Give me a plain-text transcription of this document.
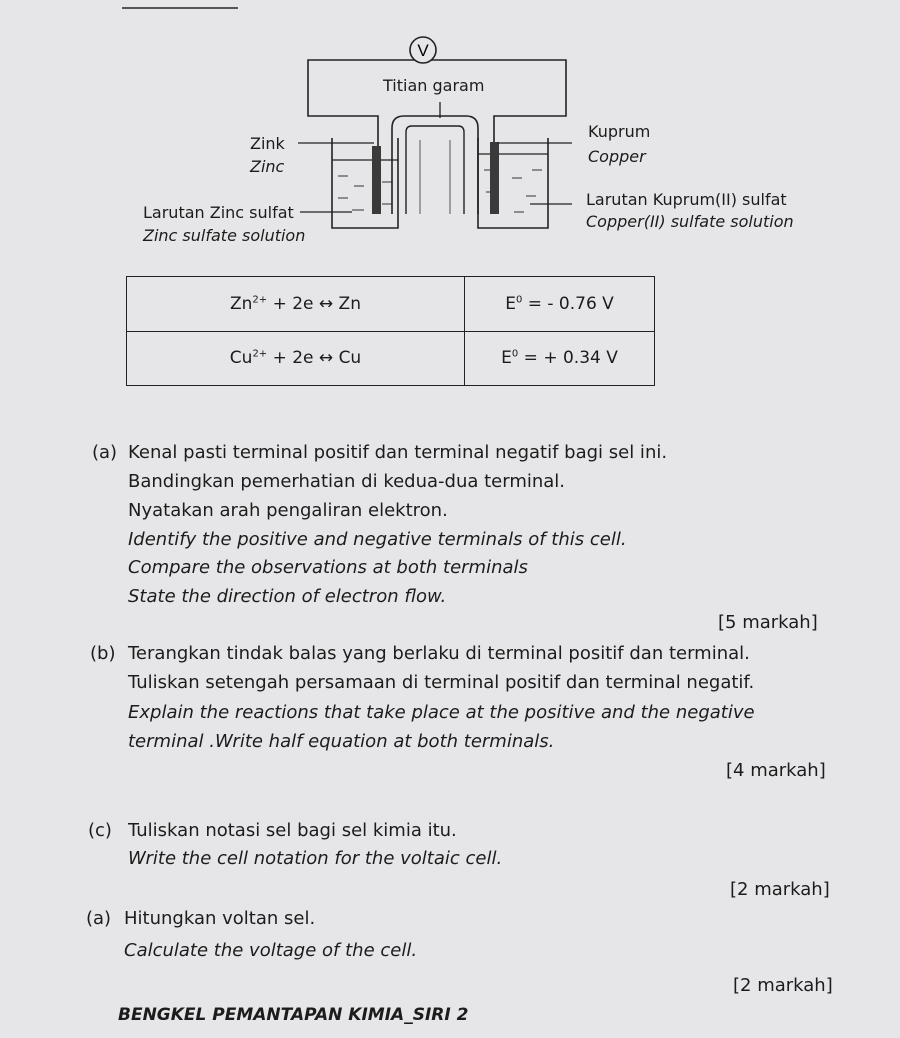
V
Titian garam
Zink
Zinc
Kuprum
Copper
Larutan Zinc sulfat
Zinc sulfate solution
Larutan Kuprum(II) sulfat
Copper(II) sulfate solution
$Zn^{2+} + 2e$ ↔ Zn	$E^0$ = - 0.76 V
$Cu^{2+} + 2e$ ↔ Cu	$E^0$ = + 0.34 V
(a) Kenal pasti terminal positif dan terminal negatif bagi sel ini.
Bandingkan pemerhatian di kedua-dua terminal.
Nyatakan arah pengaliran elektron.
Identify the positive and negative terminals of this cell.
Compare the observations at both terminals
State the direction of electron flow.
[5 markah]
(b) Terangkan tindak balas yang berlaku di terminal positif dan terminal.
Tuliskan setengah persamaan di terminal positif dan terminal negatif.
Explain the reactions that take place at the positive and the negative
terminal .Write half equation at both terminals.
[4 markah]
(c) Tuliskan notasi sel bagi sel kimia itu.
Write the cell notation for the voltaic cell.
[2 markah]
(a) Hitungkan voltan sel.
Calculate the voltage of the cell.
[2 markah]
BENGKEL PEMANTAPAN KIMIA_SIRI 2
